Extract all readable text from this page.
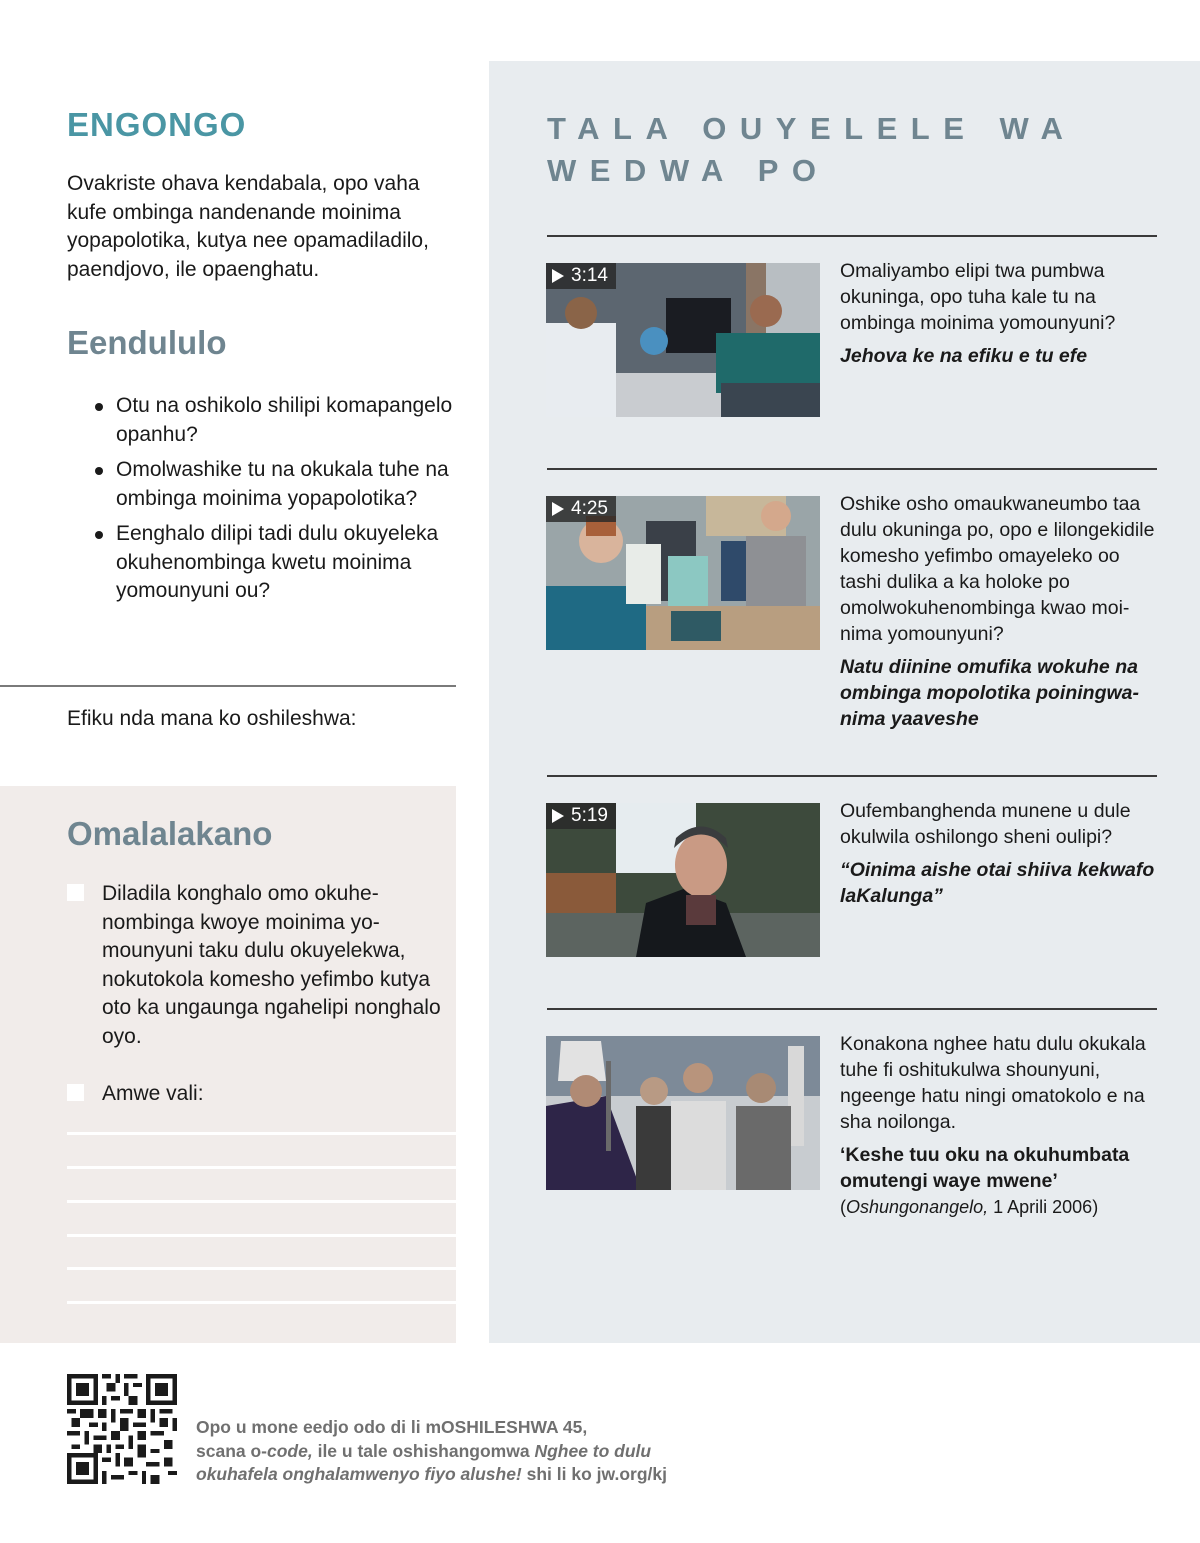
ENGONGO
Ovakriste ohava kendabala, opo vaha kufe ombinga nandenande moinima yopapolotika, kutya nee opamadiladilo, paendjovo, ile opaenghatu.
Eendululo
Otu na oshikolo shilipi komapangelo opanhu?
Omolwashike tu na okukala tuhe na ombinga moinima yopapolotika?
Eenghalo dilipi tadi dulu okuyeleka okuhenombinga kwetu moinima yomounyuni ou?
Efiku nda mana ko oshileshwa:
Omalalakano
Diladila konghalo omo okuhenombinga kwoye moinima yomounyuni taku dulu okuyelekwa, nokutokola komesho yefimbo kutya oto ka ungaunga ngahelipi nonghalo oyo.
Amwe vali:
TALA OUYELELE WA WEDWA PO
3:14	Omaliyambo elipi twa pumbwa okuninga, opo tuha kale tu na ombinga moinima yomounyuni?
Jehova ke na efiku e tu efe
4:25	Oshike osho omaukwaneumbo taa dulu okuninga po, opo e lilongekidile komesho yefimbo omayeleko oo tashi dulika a ka holoke po omolwokuhenombinga kwao moinima yomounyuni?
Natu diinine omufika wokuhe na ombinga mopolotika poiningwanima yaaveshe
5:19	Oufembanghenda munene u dule okulwila oshilongo sheni oulipi?
“Oinima aishe otai shiiva kekwafo laKalunga”
Konakona nghee hatu dulu okukala tuhe fi oshitukulwa shounyuni, ngeenge hatu ningi omatokolo e na sha noilonga.
‘Keshe tuu oku na okuhumbata omutengi waye mwene’
(Oshungonangelo, 1 Aprili 2006)
Opo u mone eedjo odo di li mOSHILESHWA 45,
scana o-code, ile u tale oshishangomwa Nghee to dulu
okuhafela onghalamwenyo fiyo alushe! shi li ko jw.org/kj
